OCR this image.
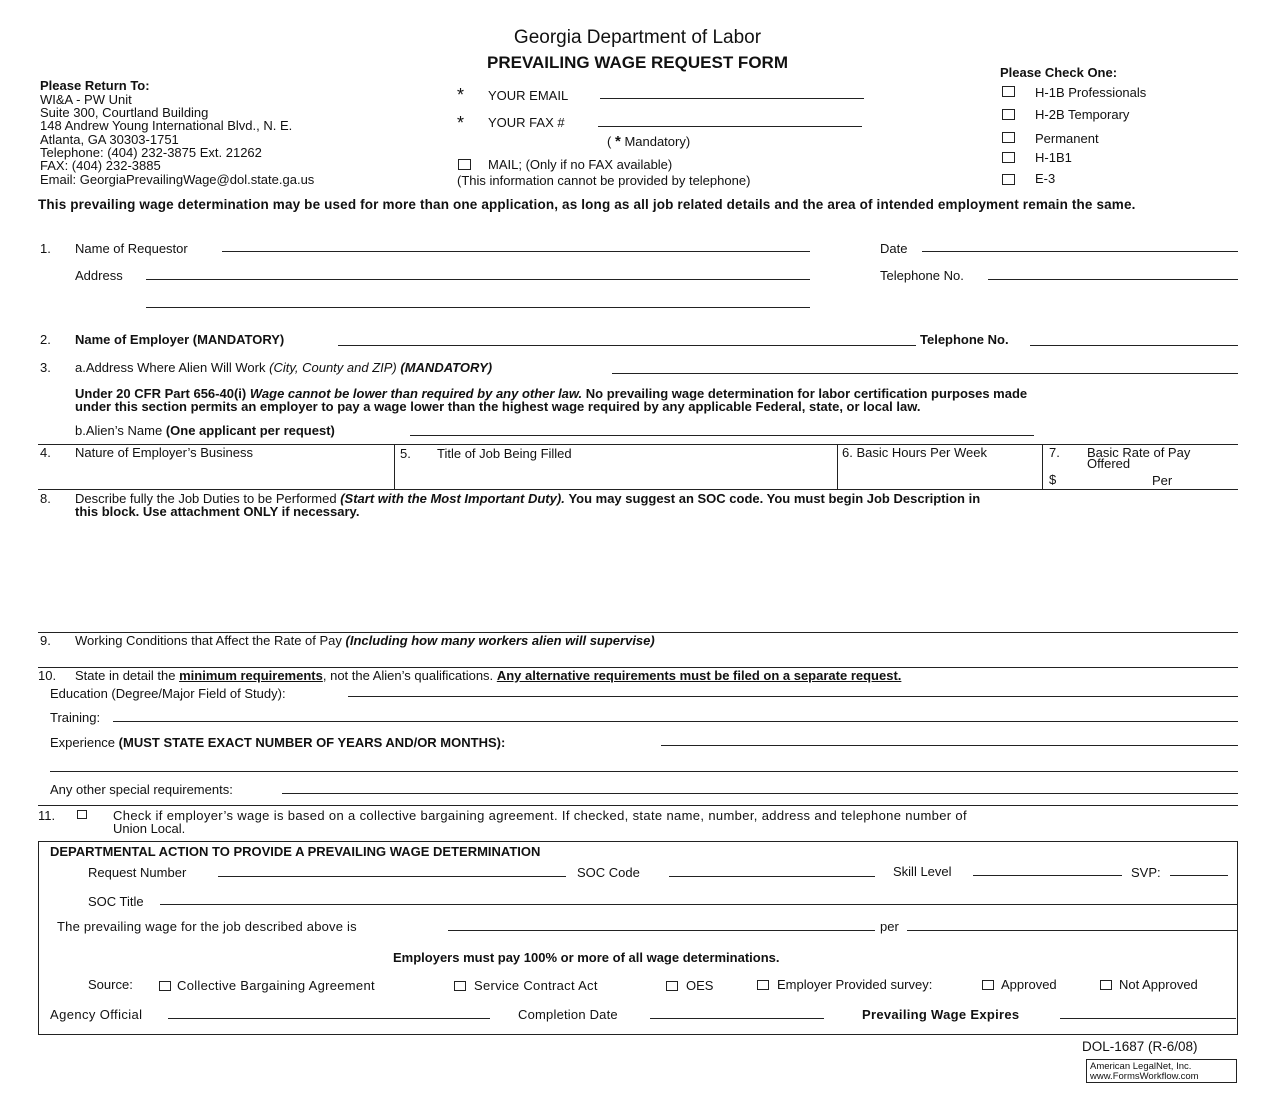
Georgia Department of Labor
PREVAILING WAGE REQUEST FORM
Please Return To:
WI&A - PW Unit
Suite 300, Courtland Building
148 Andrew Young International Blvd., N. E.
Atlanta, GA 30303-1751
Telephone: (404) 232-3875 Ext. 21262
FAX: (404) 232-3885
Email: GeorgiaPrevailingWage@dol.state.ga.us
* YOUR EMAIL
* YOUR FAX #
( * Mandatory)
MAIL; (Only if no FAX available)
(This information cannot be provided by telephone)
Please Check One:
H-1B Professionals
H-2B Temporary
Permanent
H-1B1
E-3
This prevailing wage determination may be used for more than one application, as long as all job related details and the area of intended employment remain the same.
1. Name of Requestor	Date
Address	Telephone No.
2. Name of Employer (MANDATORY)	Telephone No.
3. a.Address Where Alien Will Work (City, County and ZIP) (MANDATORY)
Under 20 CFR Part 656-40(i) Wage cannot be lower than required by any other law. No prevailing wage determination for labor certification purposes made
under this section permits an employer to pay a wage lower than the highest wage required by any applicable Federal, state, or local law.
b.Alien’s Name (One applicant per request)
4. Nature of Employer’s Business	5. Title of Job Being Filled	6. Basic Hours Per Week	7. Basic Rate of Pay
Offered
$	Per
8. Describe fully the Job Duties to be Performed (Start with the Most Important Duty). You may suggest an SOC code. You must begin Job Description in
this block. Use attachment ONLY if necessary.
9. Working Conditions that Affect the Rate of Pay (Including how many workers alien will supervise)
10. State in detail the minimum requirements, not the Alien’s qualifications. Any alternative requirements must be filed on a separate request.
Education (Degree/Major Field of Study):
Training:
Experience (MUST STATE EXACT NUMBER OF YEARS AND/OR MONTHS):
Any other special requirements:
11.	Check if employer’s wage is based on a collective bargaining agreement. If checked, state name, number, address and telephone number of
Union Local.
DEPARTMENTAL ACTION TO PROVIDE A PREVAILING WAGE DETERMINATION
Request Number	SOC Code	Skill Level	SVP:
SOC Title
The prevailing wage for the job described above is	per
Employers must pay 100% or more of all wage determinations.
Source:	Collective Bargaining Agreement	Service Contract Act	OES	Employer Provided survey:	Approved	Not Approved
Agency Official	Completion Date	Prevailing Wage Expires
DOL-1687 (R-6/08)
American LegalNet, Inc.
www.FormsWorkflow.com
